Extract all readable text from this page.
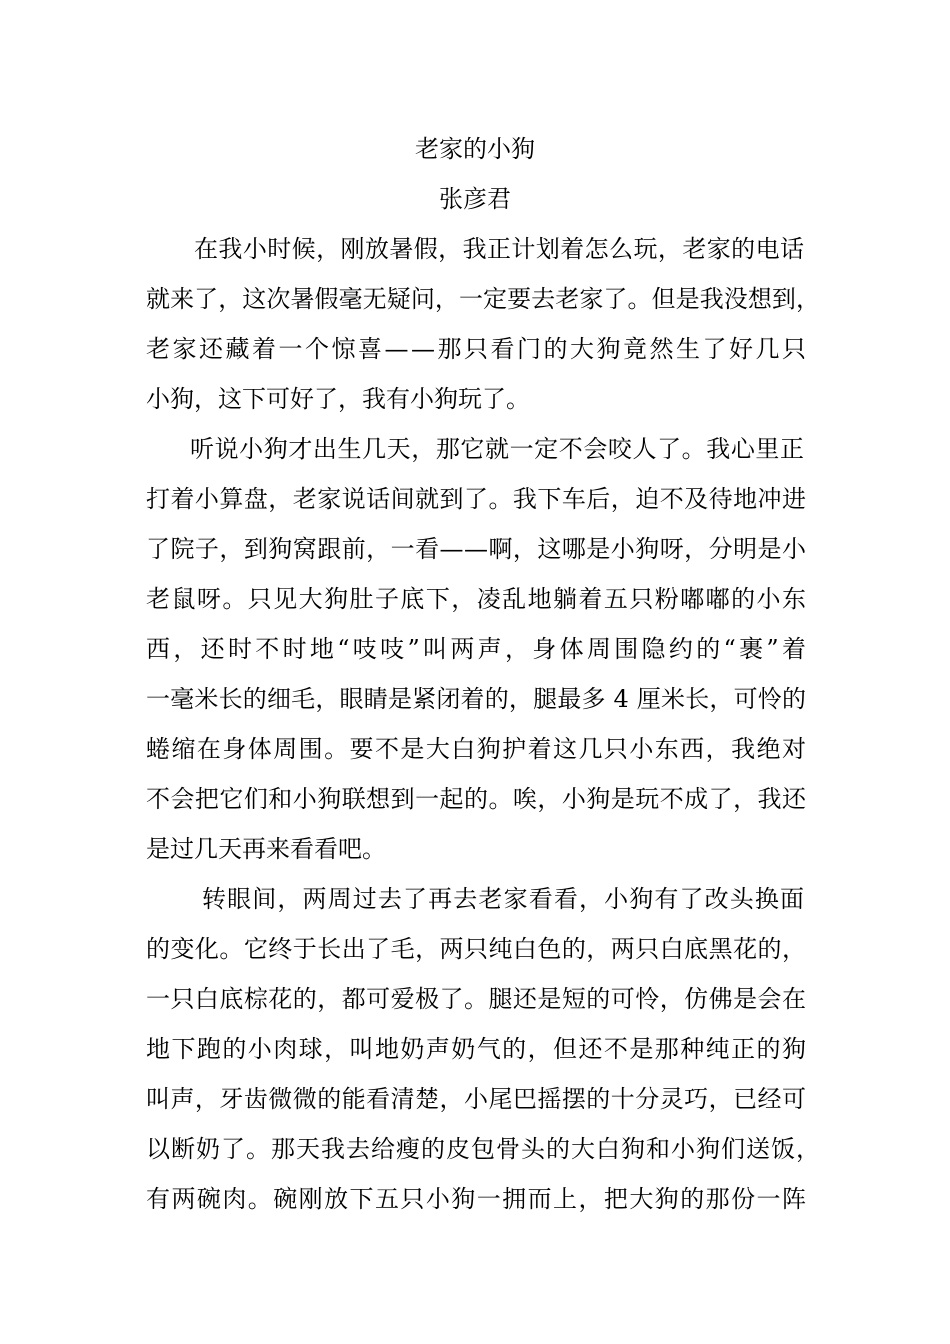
老家的小狗
张彦君
在我小时候，刚放暑假，我正计划着怎么玩，老家的电话
就来了，这次暑假毫无疑问，一定要去老家了。但是我没想到，
老家还藏着一个惊喜——那只看门的大狗竟然生了好几只
小狗，这下可好了，我有小狗玩了。
听说小狗才出生几天，那它就一定不会咬人了。我心里正
打着小算盘，老家说话间就到了。我下车后，迫不及待地冲进
了院子，到狗窝跟前，一看——啊，这哪是小狗呀，分明是小
老鼠呀。只见大狗肚子底下，凌乱地躺着五只粉嘟嘟的小东
西，还时不时地“吱吱”叫两声，身体周围隐约的“裹”着
一毫米长的细毛，眼睛是紧闭着的，腿最多 4 厘米长，可怜的
蜷缩在身体周围。要不是大白狗护着这几只小东西，我绝对
不会把它们和小狗联想到一起的。唉，小狗是玩不成了，我还
是过几天再来看看吧。
转眼间，两周过去了再去老家看看，小狗有了改头换面
的变化。它终于长出了毛，两只纯白色的，两只白底黑花的，
一只白底棕花的，都可爱极了。腿还是短的可怜，仿佛是会在
地下跑的小肉球，叫地奶声奶气的，但还不是那种纯正的狗
叫声，牙齿微微的能看清楚，小尾巴摇摆的十分灵巧，已经可
以断奶了。那天我去给瘦的皮包骨头的大白狗和小狗们送饭，
有两碗肉。碗刚放下五只小狗一拥而上，把大狗的那份一阵
